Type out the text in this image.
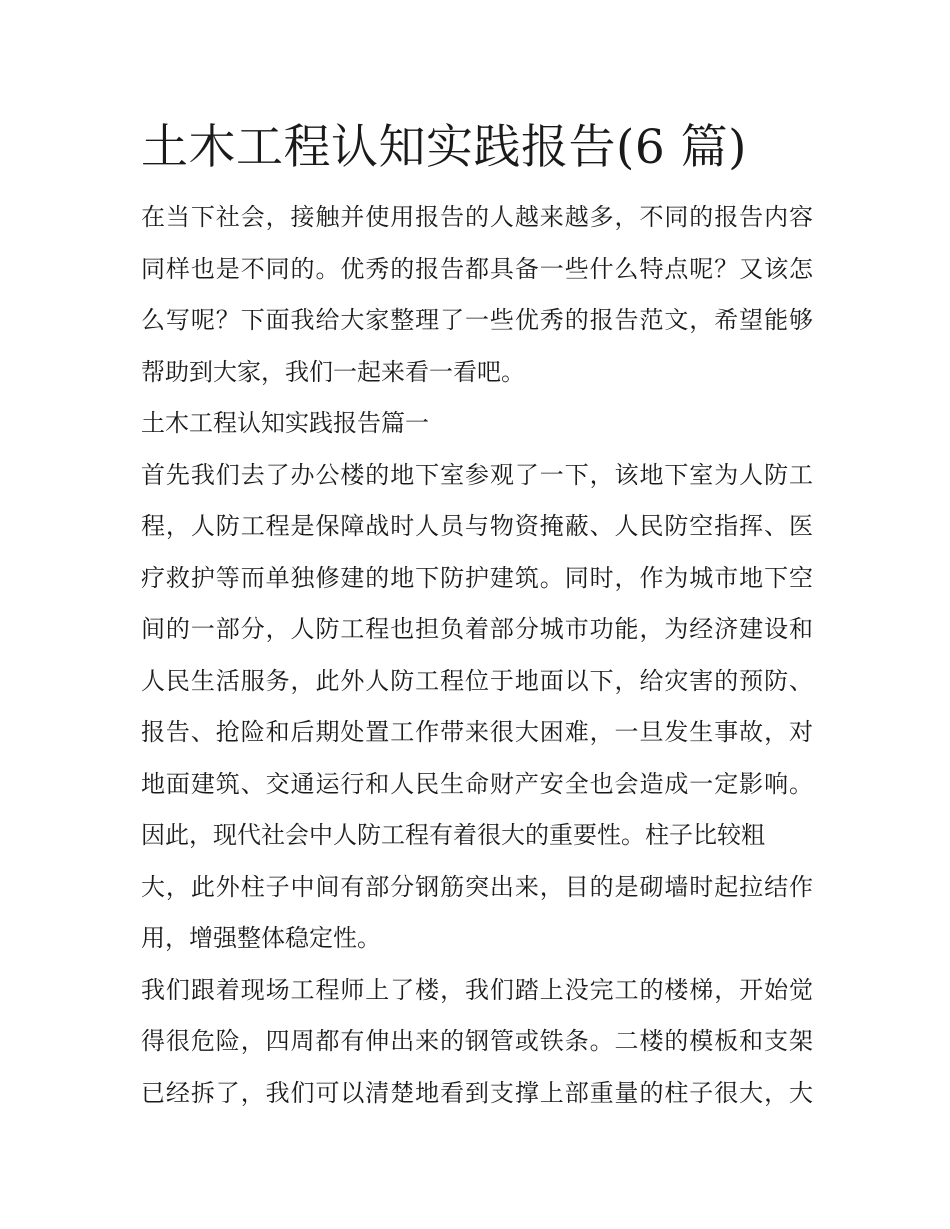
土木工程认知实践报告(6 篇)
在当下社会，接触并使用报告的人越来越多，不同的报告内容
同样也是不同的。优秀的报告都具备一些什么特点呢？又该怎
么写呢？下面我给大家整理了一些优秀的报告范文，希望能够
帮助到大家，我们一起来看一看吧。
土木工程认知实践报告篇一
首先我们去了办公楼的地下室参观了一下，该地下室为人防工
程，人防工程是保障战时人员与物资掩蔽、人民防空指挥、医
疗救护等而单独修建的地下防护建筑。同时，作为城市地下空
间的一部分，人防工程也担负着部分城市功能，为经济建设和
人民生活服务，此外人防工程位于地面以下，给灾害的预防、
报告、抢险和后期处置工作带来很大困难，一旦发生事故，对
地面建筑、交通运行和人民生命财产安全也会造成一定影响。
因此，现代社会中人防工程有着很大的重要性。柱子比较粗
大，此外柱子中间有部分钢筋突出来，目的是砌墙时起拉结作
用，增强整体稳定性。
我们跟着现场工程师上了楼，我们踏上没完工的楼梯，开始觉
得很危险，四周都有伸出来的钢管或铁条。二楼的模板和支架
已经拆了，我们可以清楚地看到支撑上部重量的柱子很大，大
